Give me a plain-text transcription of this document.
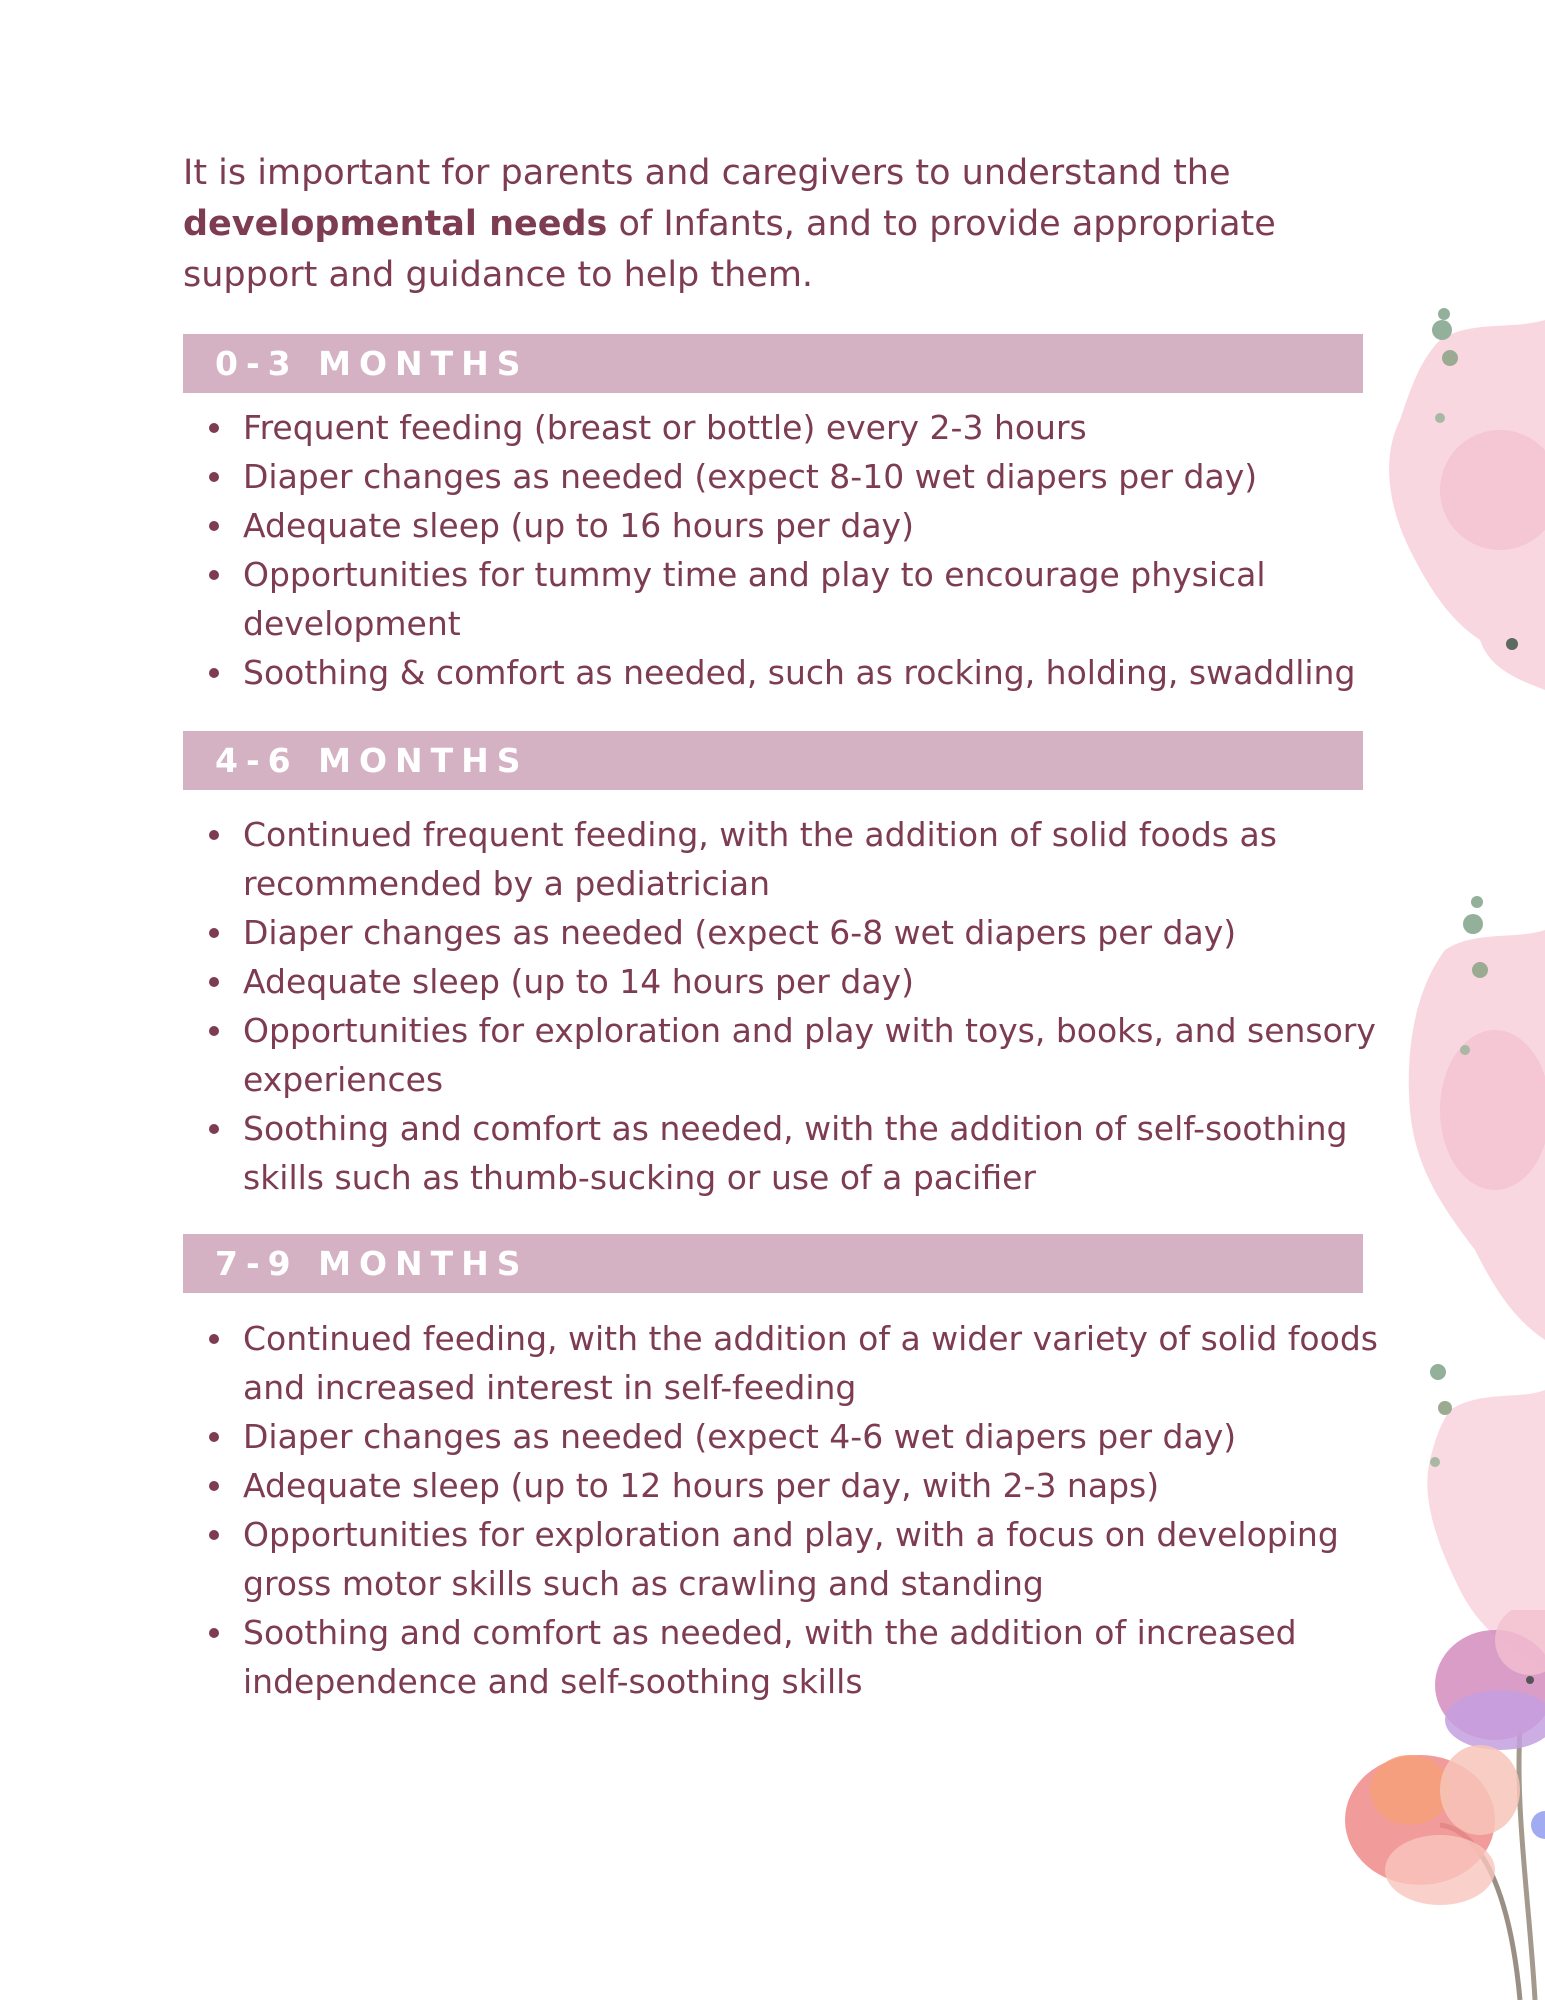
It is important for parents and caregivers to understand the developmental needs of Infants, and to provide appropriate support and guidance to help them.

0-3 MONTHS
Frequent feeding (breast or bottle) every 2-3 hours
Diaper changes as needed (expect 8-10 wet diapers per day)
Adequate sleep (up to 16 hours per day)
Opportunities for tummy time and play to encourage physical development
Soothing & comfort as needed, such as rocking, holding, swaddling
4-6 MONTHS
Continued frequent feeding, with the addition of solid foods as recommended by a pediatrician
Diaper changes as needed (expect 6-8 wet diapers per day)
Adequate sleep (up to 14 hours per day)
Opportunities for exploration and play with toys, books, and sensory experiences
Soothing and comfort as needed, with the addition of self-soothing skills such as thumb-sucking or use of a pacifier
7-9 MONTHS
Continued feeding, with the addition of a wider variety of solid foods and increased interest in self-feeding
Diaper changes as needed (expect 4-6 wet diapers per day)
Adequate sleep (up to 12 hours per day, with 2-3 naps)
Opportunities for exploration and play, with a focus on developing gross motor skills such as crawling and standing
Soothing and comfort as needed, with the addition of increased independence and self-soothing skills
